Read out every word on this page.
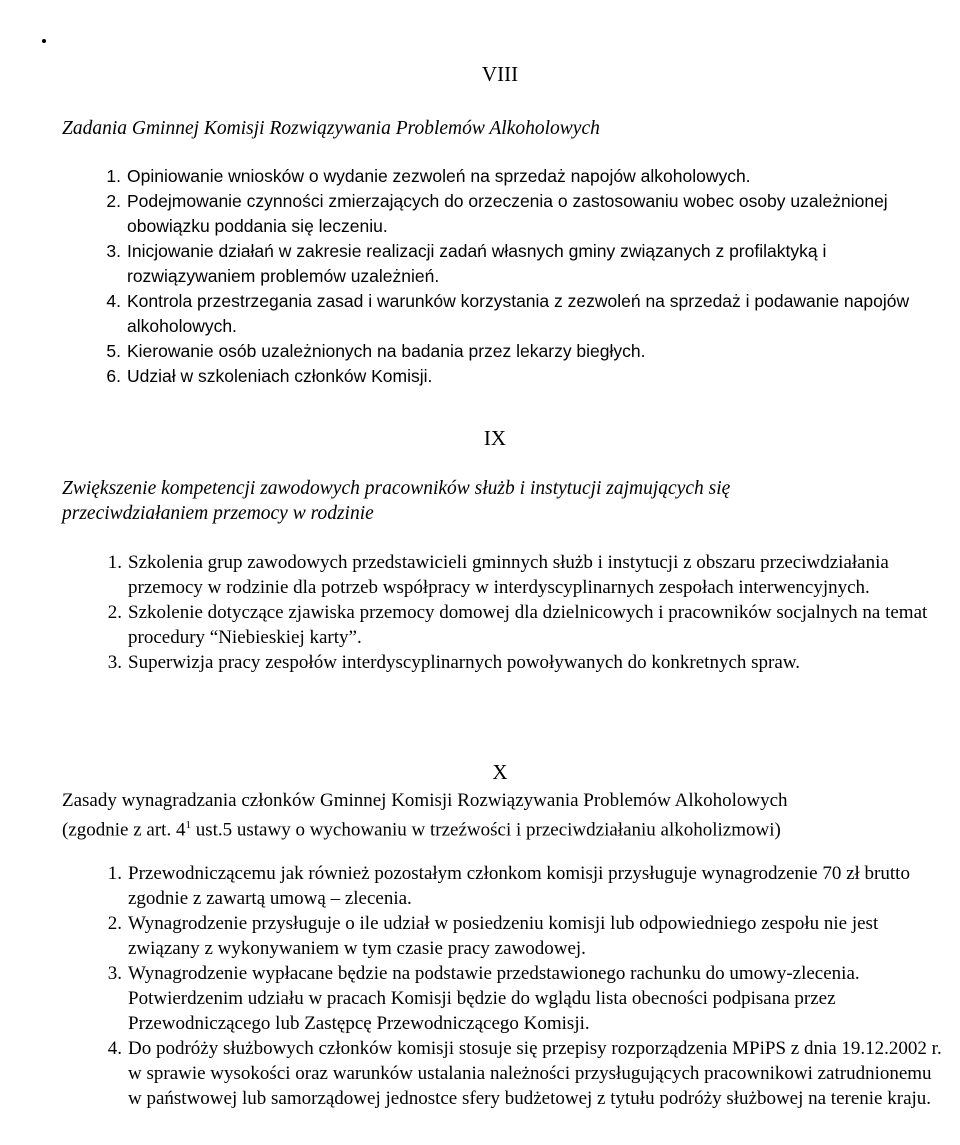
VIII
Zadania Gminnej Komisji Rozwiązywania Problemów Alkoholowych
1. Opiniowanie wniosków o wydanie zezwoleń na sprzedaż napojów alkoholowych.
2. Podejmowanie czynności zmierzających do orzeczenia o zastosowaniu wobec osoby uzależnionej obowiązku poddania się leczeniu.
3. Inicjowanie działań w zakresie realizacji zadań własnych gminy związanych z profilaktyką i rozwiązywaniem problemów uzależnień.
4. Kontrola przestrzegania zasad i warunków korzystania z zezwoleń na sprzedaż i podawanie napojów alkoholowych.
5. Kierowanie osób uzależnionych na badania przez lekarzy biegłych.
6. Udział w szkoleniach członków Komisji.
IX
Zwiększenie kompetencji zawodowych pracowników służb i instytucji zajmujących się przeciwdziałaniem przemocy w rodzinie
1. Szkolenia grup zawodowych przedstawicieli gminnych służb i instytucji z obszaru przeciwdziałania przemocy w rodzinie dla potrzeb współpracy w interdyscyplinarnych zespołach interwencyjnych.
2. Szkolenie dotyczące zjawiska przemocy domowej dla dzielnicowych i pracowników socjalnych na temat procedury “Niebieskiej karty”.
3. Superwizja pracy zespołów interdyscyplinarnych powoływanych do konkretnych spraw.
X
Zasady wynagradzania członków Gminnej Komisji Rozwiązywania Problemów Alkoholowych
(zgodnie z art. $4^1$ ust.5 ustawy o wychowaniu w trzeźwości i przeciwdziałaniu alkoholizmowi)
1. Przewodniczącemu jak również pozostałym członkom komisji przysługuje wynagrodzenie 70 zł brutto zgodnie z zawartą umową – zlecenia.
2. Wynagrodzenie przysługuje o ile udział w posiedzeniu komisji lub odpowiedniego zespołu nie jest związany z wykonywaniem w tym czasie pracy zawodowej.
3. Wynagrodzenie wypłacane będzie na podstawie przedstawionego rachunku do umowy-zlecenia. Potwierdzenim udziału w pracach Komisji będzie do wglądu lista obecności podpisana przez Przewodniczącego lub Zastępcę Przewodniczącego Komisji.
4. Do podróży służbowych członków komisji stosuje się przepisy rozporządzenia MPiPS z dnia 19.12.2002 r. w sprawie wysokości oraz warunków ustalania należności przysługujących pracownikowi zatrudnionemu w państwowej lub samorządowej jednostce sfery budżetowej z tytułu podróży służbowej na terenie kraju.
